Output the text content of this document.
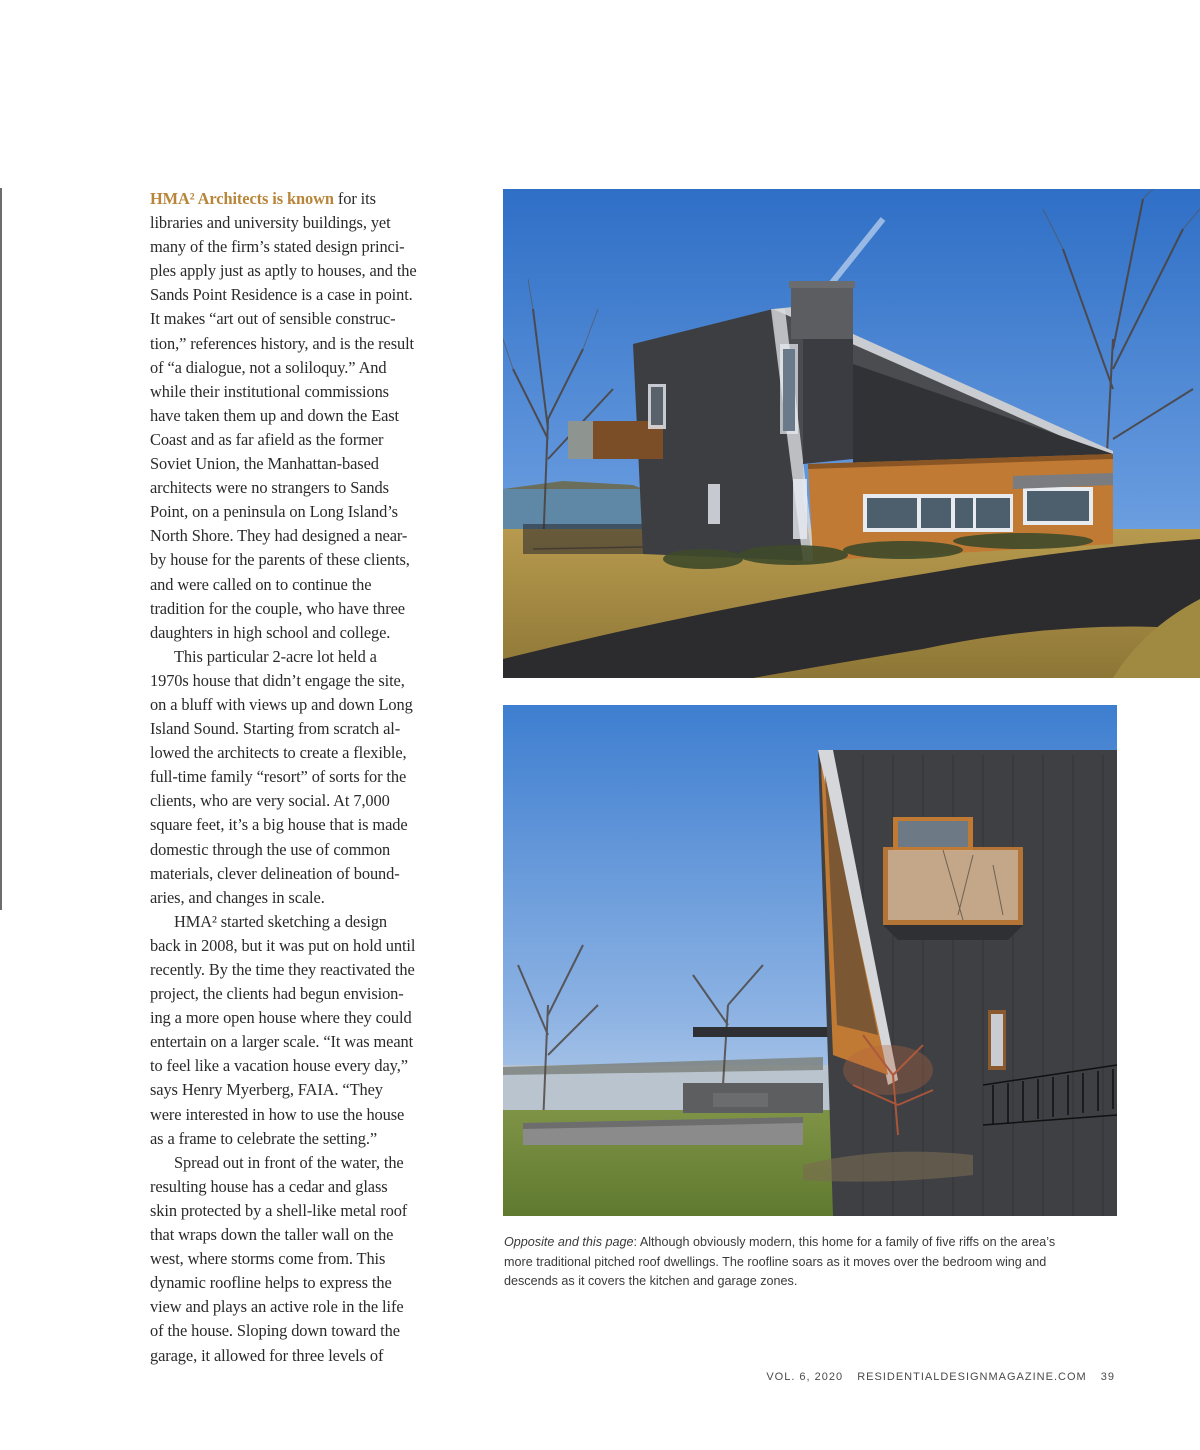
HMA² Architects is known for its
libraries and university buildings, yet
many of the firm’s stated design princi-
ples apply just as aptly to houses, and the
Sands Point Residence is a case in point.
It makes “art out of sensible construc-
tion,” references history, and is the result
of “a dialogue, not a soliloquy.” And
while their institutional commissions
have taken them up and down the East
Coast and as far afield as the former
Soviet Union, the Manhattan-based
architects were no strangers to Sands
Point, on a peninsula on Long Island’s
North Shore. They had designed a near-
by house for the parents of these clients,
and were called on to continue the
tradition for the couple, who have three
daughters in high school and college.

This particular 2-acre lot held a
1970s house that didn’t engage the site,
on a bluff with views up and down Long
Island Sound. Starting from scratch al-
lowed the architects to create a flexible,
full-time family “resort” of sorts for the
clients, who are very social. At 7,000
square feet, it’s a big house that is made
domestic through the use of common
materials, clever delineation of bound-
aries, and changes in scale.

HMA² started sketching a design
back in 2008, but it was put on hold until
recently. By the time they reactivated the
project, the clients had begun envision-
ing a more open house where they could
entertain on a larger scale. “It was meant
to feel like a vacation house every day,”
says Henry Myerberg, FAIA. “They
were interested in how to use the house
as a frame to celebrate the setting.”

Spread out in front of the water, the
resulting house has a cedar and glass
skin protected by a shell-like metal roof
that wraps down the taller wall on the
west, where storms come from. This
dynamic roofline helps to express the
view and plays an active role in the life
of the house. Sloping down toward the
garage, it allowed for three levels of

Opposite and this page: Although obviously modern, this home for a family of five riffs on the area’s
more traditional pitched roof dwellings. The roofline soars as it moves over the bedroom wing and
descends as it covers the kitchen and garage zones.
VOL. 6, 2020 RESIDENTIALDESIGNMAGAZINE.COM 39
